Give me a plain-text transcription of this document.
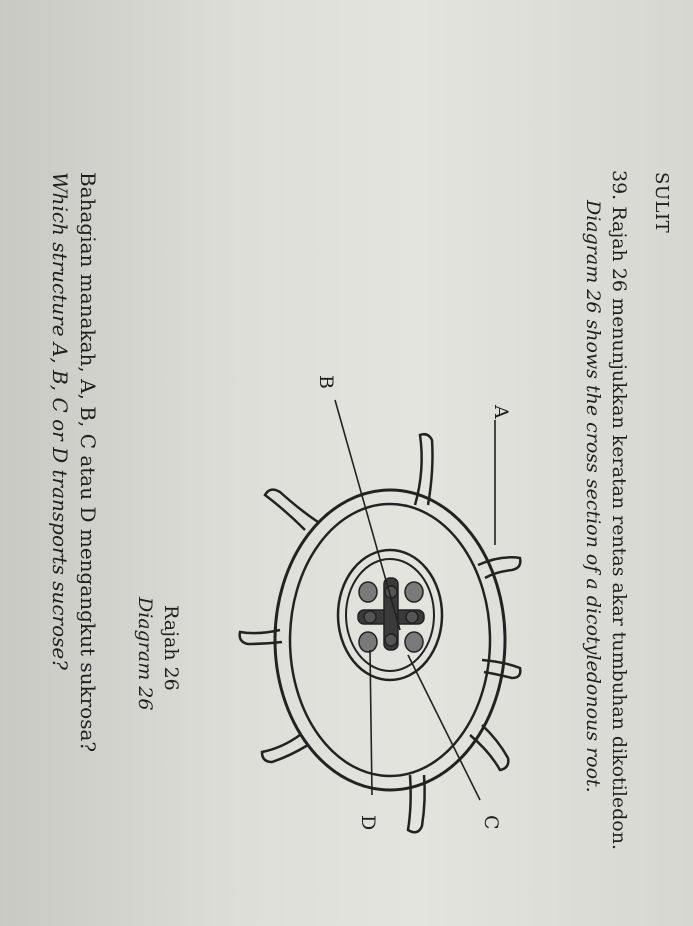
SULIT
39. Rajah 26 menunjukkan keratan rentas akar tumbuhan dikotiledon.
Diagram 26 shows the cross section of a dicotyledonous root.
A
B
C
D
Rajah 26
Diagram 26
Bahagian manakah, A, B, C atau D mengangkut sukrosa?
Which structure A, B, C or D transports sucrose?
